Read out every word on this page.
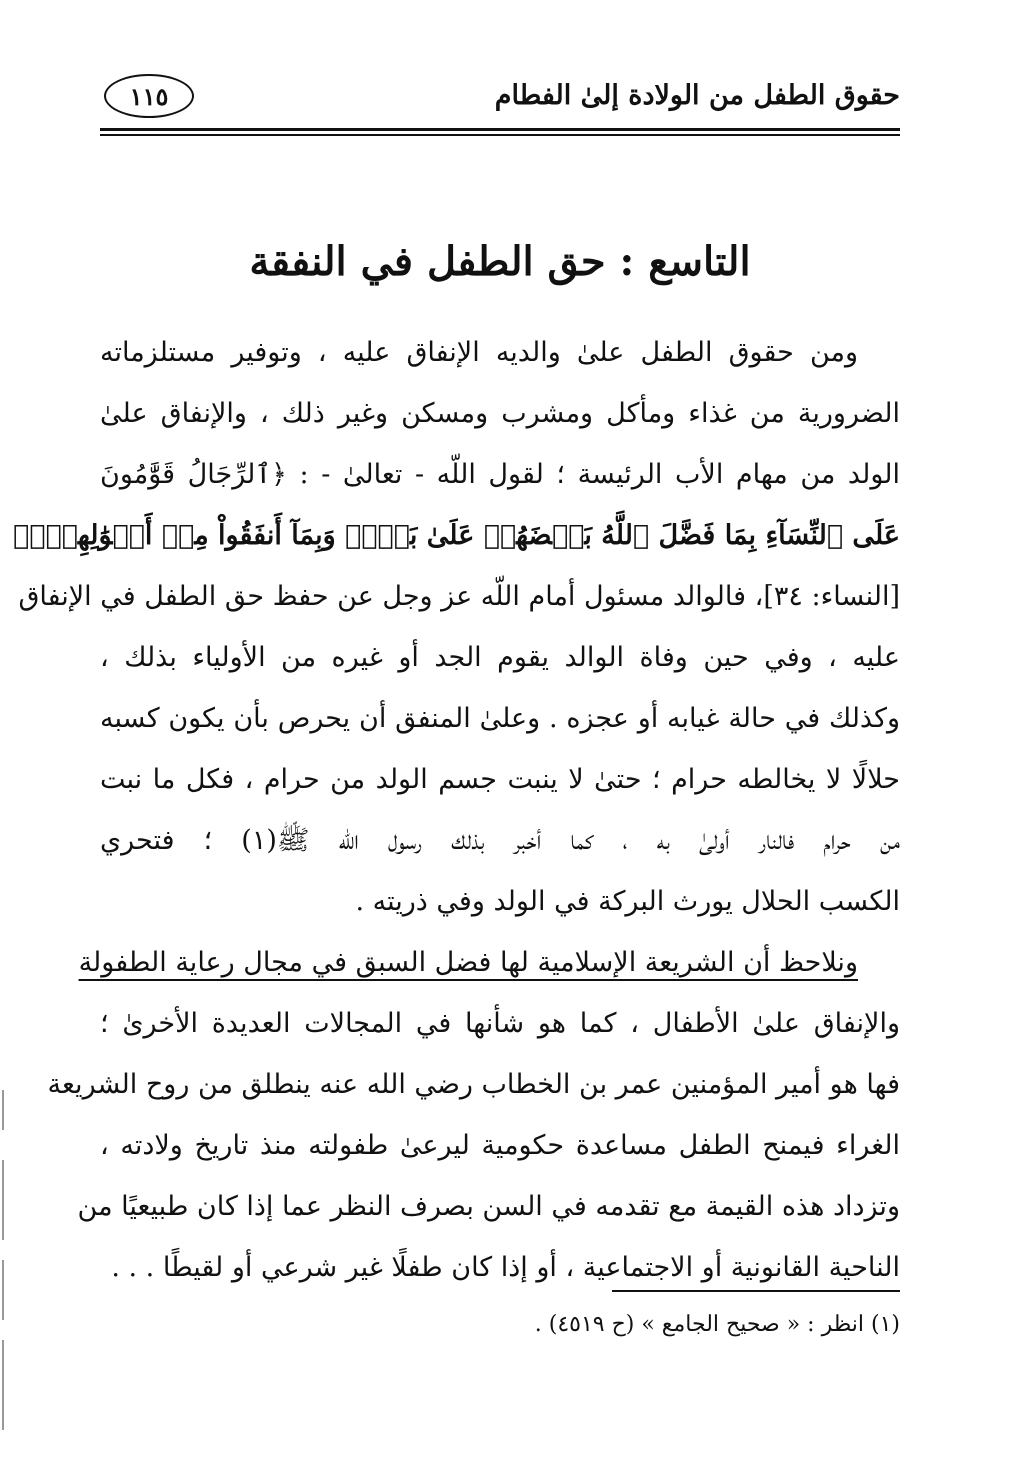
حقوق الطفل من الولادة إلىٰ الفطام
١١٥
التاسع : حق الطفل في النفقة
ومن حقوق الطفل علىٰ والديه الإنفاق عليه ، وتوفير مستلزماته
الضرورية من غذاء ومأكل ومشرب ومسكن وغير ذلك ، والإنفاق علىٰ
الولد من مهام الأب الرئيسة ؛ لقول اللّه - تعالىٰ - : ﴿ٱلرِّجَالُ قَوَّٰمُونَ
عَلَى ٱلنِّسَآءِ بِمَا فَضَّلَ ٱللَّهُ بَعۡضَهُمۡ عَلَىٰ بَعۡضٖ وَبِمَآ أَنفَقُواْ مِنۡ أَمۡوَٰلِهِمۡۚ﴾
[النساء: ٣٤]، فالوالد مسئول أمام اللّه عز وجل عن حفظ حق الطفل في الإنفاق
عليه ، وفي حين وفاة الوالد يقوم الجد أو غيره من الأولياء بذلك ،
وكذلك في حالة غيابه أو عجزه . وعلىٰ المنفق أن يحرص بأن يكون كسبه
حلالًا لا يخالطه حرام ؛ حتىٰ لا ينبت جسم الولد من حرام ، فكل ما نبت
من حرام فالنار أولىٰ به ، كما أخبر بذلك رسول اللّه ﷺ(١) ؛ فتحري
الكسب الحلال يورث البركة في الولد وفي ذريته .
ونلاحظ أن الشريعة الإسلامية لها فضل السبق في مجال رعاية الطفولة
والإنفاق علىٰ الأطفال ، كما هو شأنها في المجالات العديدة الأخرىٰ ؛
فها هو أمير المؤمنين عمر بن الخطاب رضي الله عنه ينطلق من روح الشريعة
الغراء فيمنح الطفل مساعدة حكومية ليرعىٰ طفولته منذ تاريخ ولادته ،
وتزداد هذه القيمة مع تقدمه في السن بصرف النظر عما إذا كان طبيعيًا من
الناحية القانونية أو الاجتماعية ، أو إذا كان طفلًا غير شرعي أو لقيطًا . . .
(١) انظر : « صحيح الجامع » (ح ٤٥١٩) .
